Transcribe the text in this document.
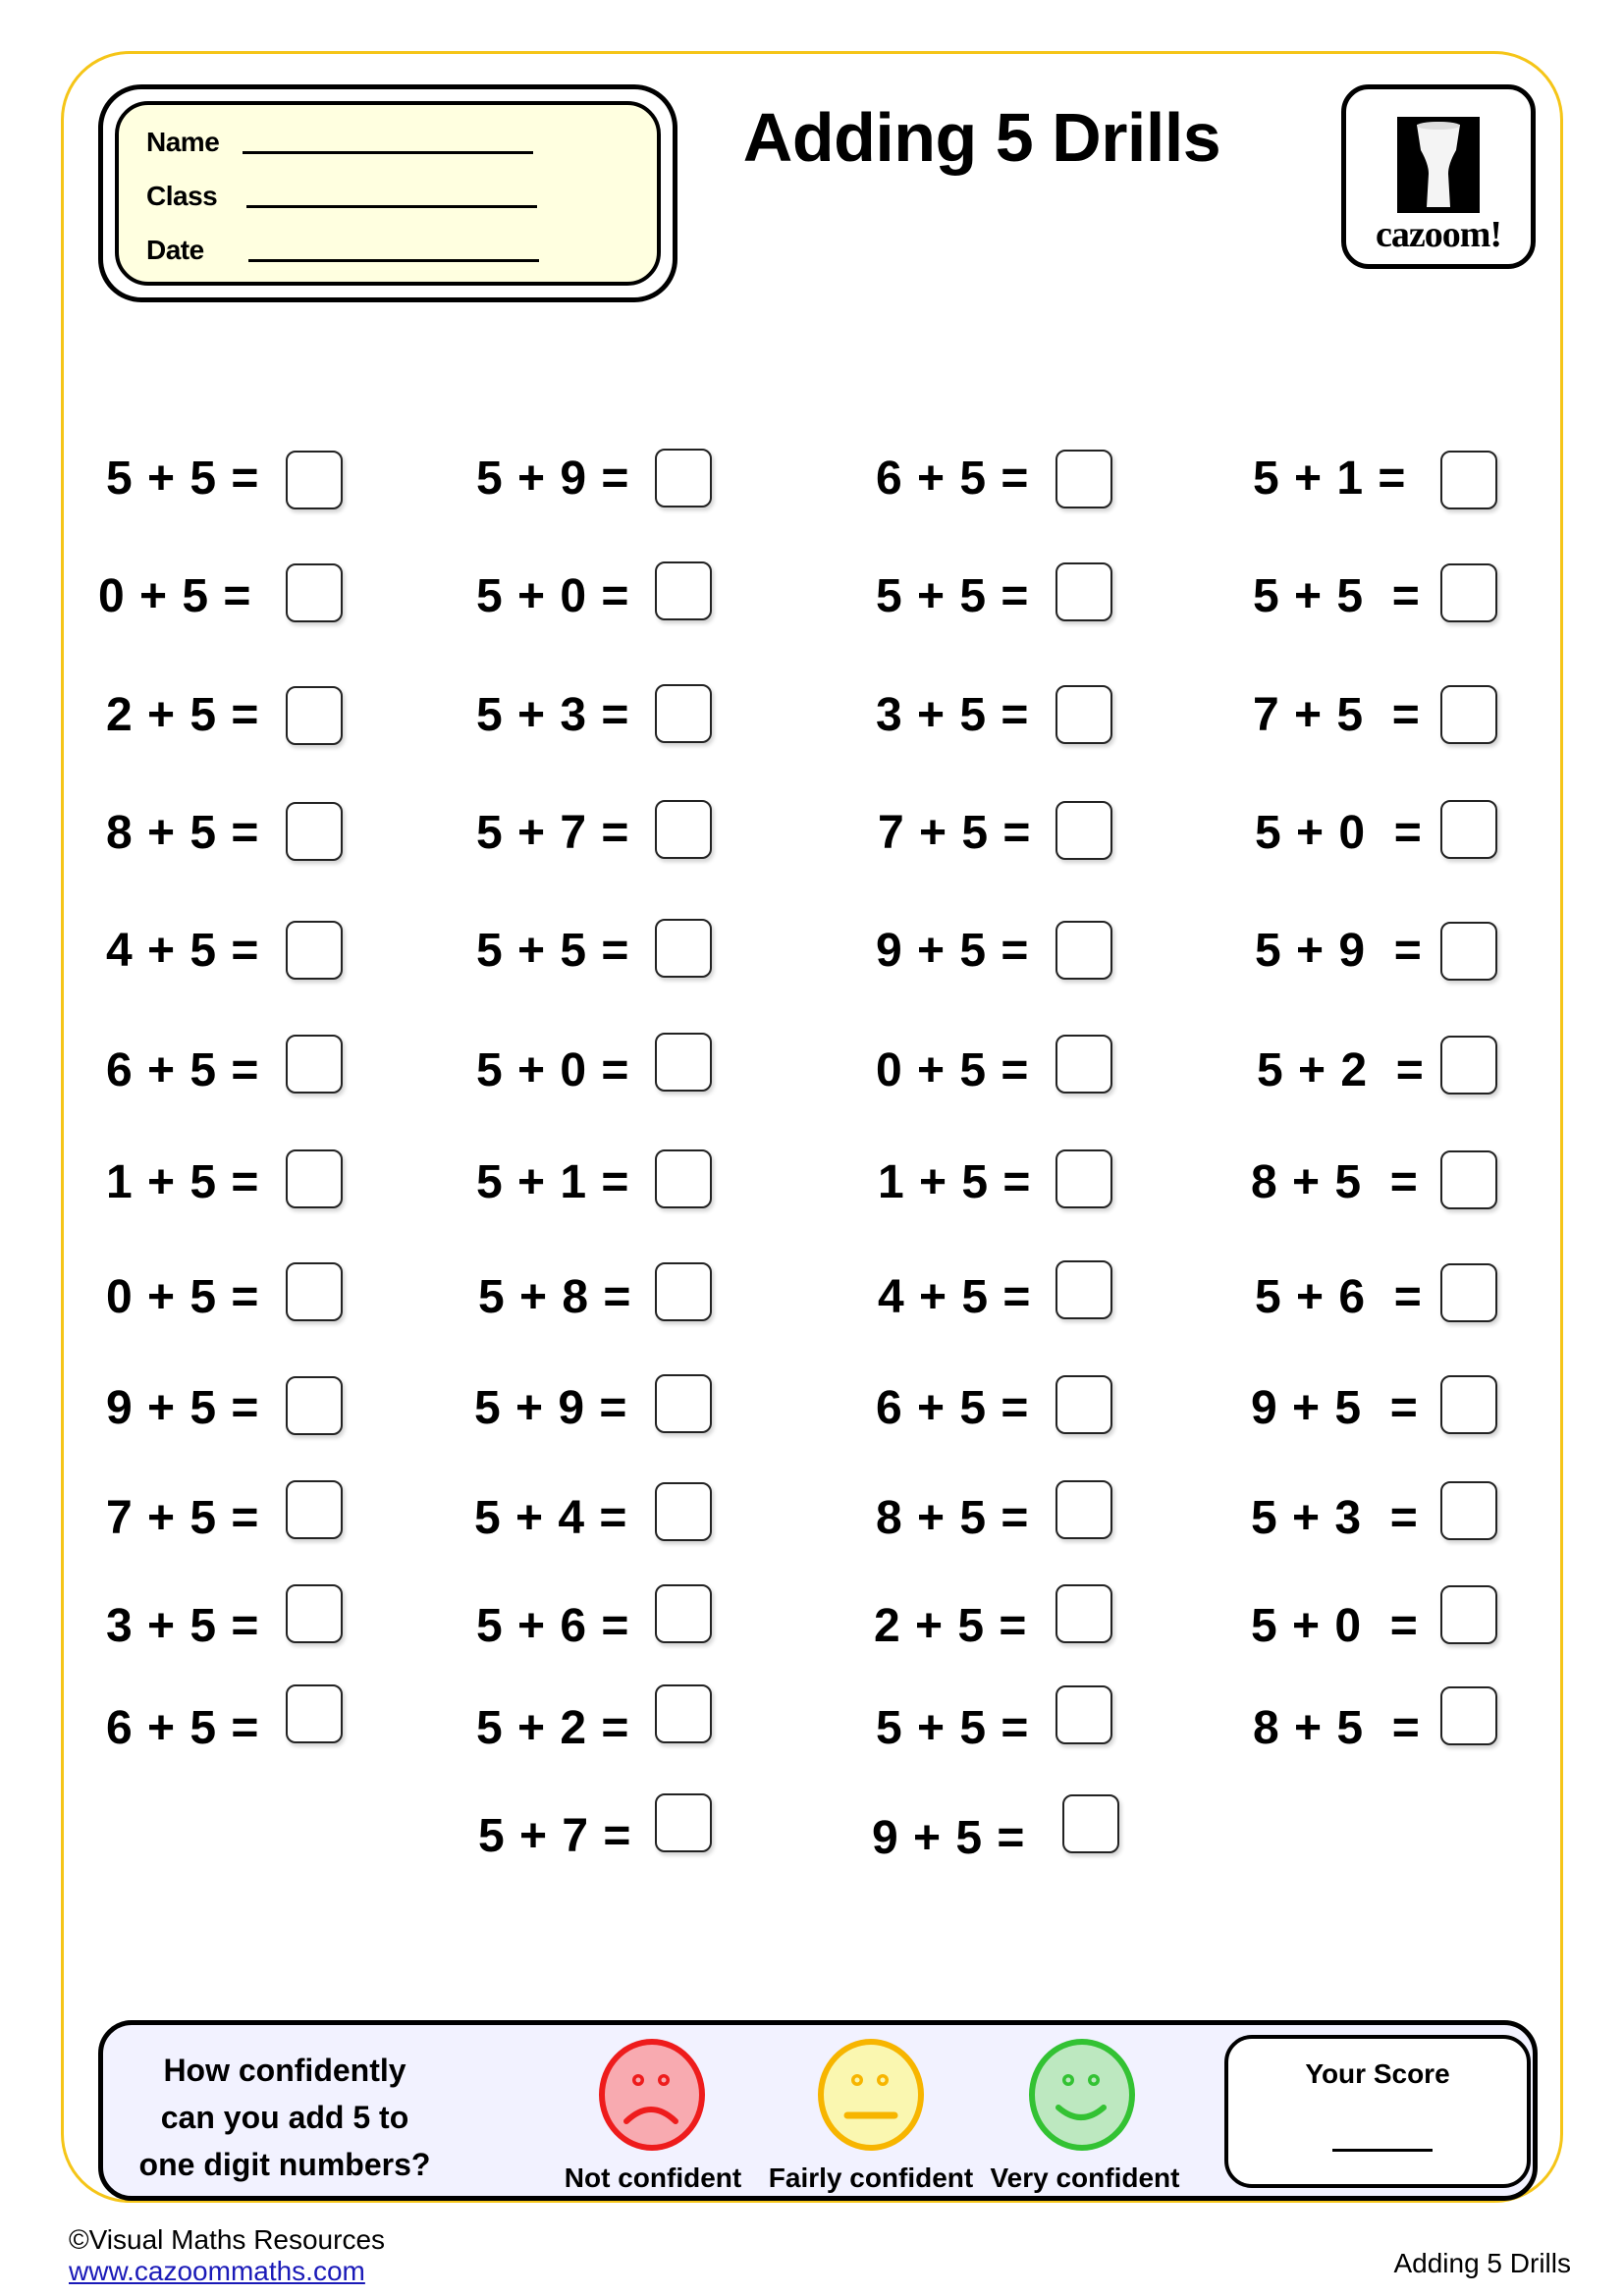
Name
Class
Date
Adding 5 Drills
cazoom!
5 + 5 =
0 + 5 =
2 + 5 =
8 + 5 =
4 + 5 =
6 + 5 =
1 + 5 =
0 + 5 =
9 + 5 =
7 + 5 =
3 + 5 =
6 + 5 =
5 + 9 =
5 + 0 =
5 + 3 =
5 + 7 =
5 + 5 =
5 + 0 =
5 + 1 =
5 + 8 =
5 + 9 =
5 + 4 =
5 + 6 =
5 + 2 =
5 + 7 =
6 + 5 =
5 + 5 =
3 + 5 =
7 + 5 =
9 + 5 =
0 + 5 =
1 + 5 =
4 + 5 =
6 + 5 =
8 + 5 =
2 + 5 =
5 + 5 =
9 + 5 =
5 + 1 =
5 + 5  =
7 + 5  =
5 + 0  =
5 + 9  =
5 + 2  =
8 + 5  =
5 + 6  =
9 + 5  =
5 + 3  =
5 + 0  =
8 + 5  =
How confidently
can you add 5 to
one digit numbers?	Not confident Fairly confident Very confident
Your Score
©Visual Maths Resources
www.cazoommaths.com	Adding 5 Drills
